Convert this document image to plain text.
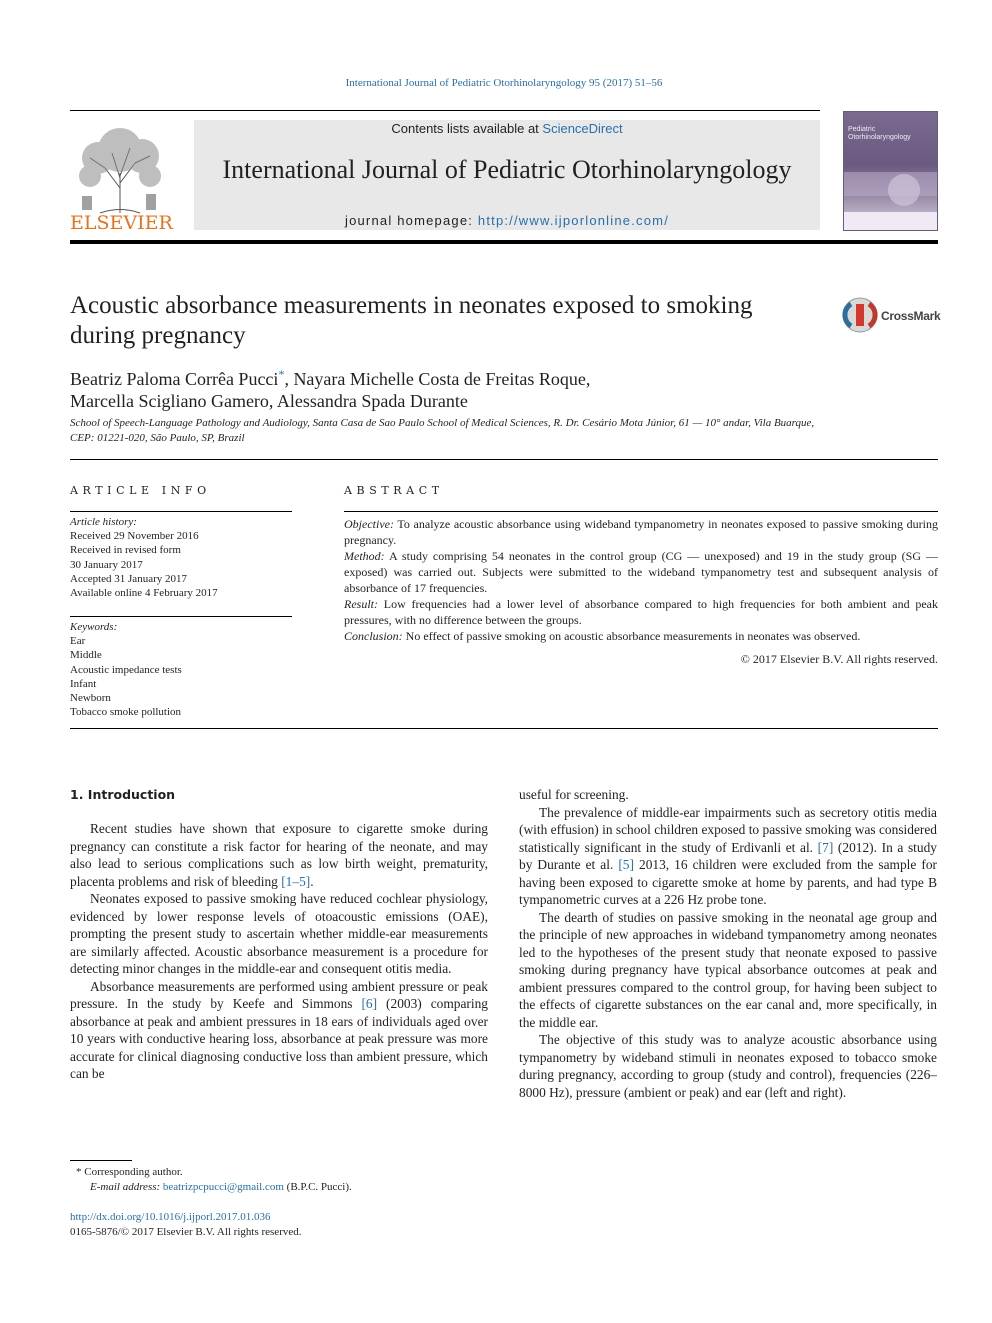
International Journal of Pediatric Otorhinolaryngology 95 (2017) 51–56
ELSEVIER
Contents lists available at ScienceDirect
International Journal of Pediatric Otorhinolaryngology
journal homepage: http://www.ijporlonline.com/
Pediatric Otorhinolaryngology
Acoustic absorbance measurements in neonates exposed to smoking during pregnancy
CrossMark
Beatriz Paloma Corrêa Pucci*, Nayara Michelle Costa de Freitas Roque,
Marcella Scigliano Gamero, Alessandra Spada Durante
School of Speech-Language Pathology and Audiology, Santa Casa de Sao Paulo School of Medical Sciences, R. Dr. Cesário Mota Júnior, 61 — 10° andar, Vila Buarque, CEP: 01221-020, São Paulo, SP, Brazil
ARTICLE INFO
Article history:
Received 29 November 2016
Received in revised form
30 January 2017
Accepted 31 January 2017
Available online 4 February 2017
Keywords:
Ear
Middle
Acoustic impedance tests
Infant
Newborn
Tobacco smoke pollution
ABSTRACT

Objective: To analyze acoustic absorbance using wideband tympanometry in neonates exposed to passive smoking during pregnancy.

Method: A study comprising 54 neonates in the control group (CG — unexposed) and 19 in the study group (SG — exposed) was carried out. Subjects were submitted to the wideband tympanometry test and subsequent analysis of absorbance of 17 frequencies.

Result: Low frequencies had a lower level of absorbance compared to high frequencies for both ambient and peak pressures, with no difference between the groups.

Conclusion: No effect of passive smoking on acoustic absorbance measurements in neonates was observed.

© 2017 Elsevier B.V. All rights reserved.

1. Introduction

Recent studies have shown that exposure to cigarette smoke during pregnancy can constitute a risk factor for hearing of the neonate, and may also lead to serious complications such as low birth weight, prematurity, placenta problems and risk of bleeding [1–5].

Neonates exposed to passive smoking have reduced cochlear physiology, evidenced by lower response levels of otoacoustic emissions (OAE), prompting the present study to ascertain whether middle-ear measurements are similarly affected. Acoustic absorbance measurement is a procedure for detecting minor changes in the middle-ear and consequent otitis media.

Absorbance measurements are performed using ambient pressure or peak pressure. In the study by Keefe and Simmons [6] (2003) comparing absorbance at peak and ambient pressures in 18 ears of individuals aged over 10 years with conductive hearing loss, absorbance at peak pressure was more accurate for clinical diagnosing conductive loss than ambient pressure, which can be

useful for screening.

The prevalence of middle-ear impairments such as secretory otitis media (with effusion) in school children exposed to passive smoking was considered statistically significant in the study of Erdivanli et al. [7] (2012). In a study by Durante et al. [5] 2013, 16 children were excluded from the sample for having been exposed to cigarette smoke at home by parents, and had type B tympanometric curves at a 226 Hz probe tone.

The dearth of studies on passive smoking in the neonatal age group and the principle of new approaches in wideband tympanometry among neonates led to the hypotheses of the present study that neonate exposed to passive smoking during pregnancy have typical absorbance outcomes at peak and ambient pressures compared to the control group, for having been subject to the effects of cigarette substances on the ear canal and, more specifically, in the middle ear.

The objective of this study was to analyze acoustic absorbance using tympanometry by wideband stimuli in neonates exposed to tobacco smoke during pregnancy, according to group (study and control), frequencies (226–8000 Hz), pressure (ambient or peak) and ear (left and right).

* Corresponding author.
E-mail address: beatrizpcpucci@gmail.com (B.P.C. Pucci).
http://dx.doi.org/10.1016/j.ijporl.2017.01.036
0165-5876/© 2017 Elsevier B.V. All rights reserved.
